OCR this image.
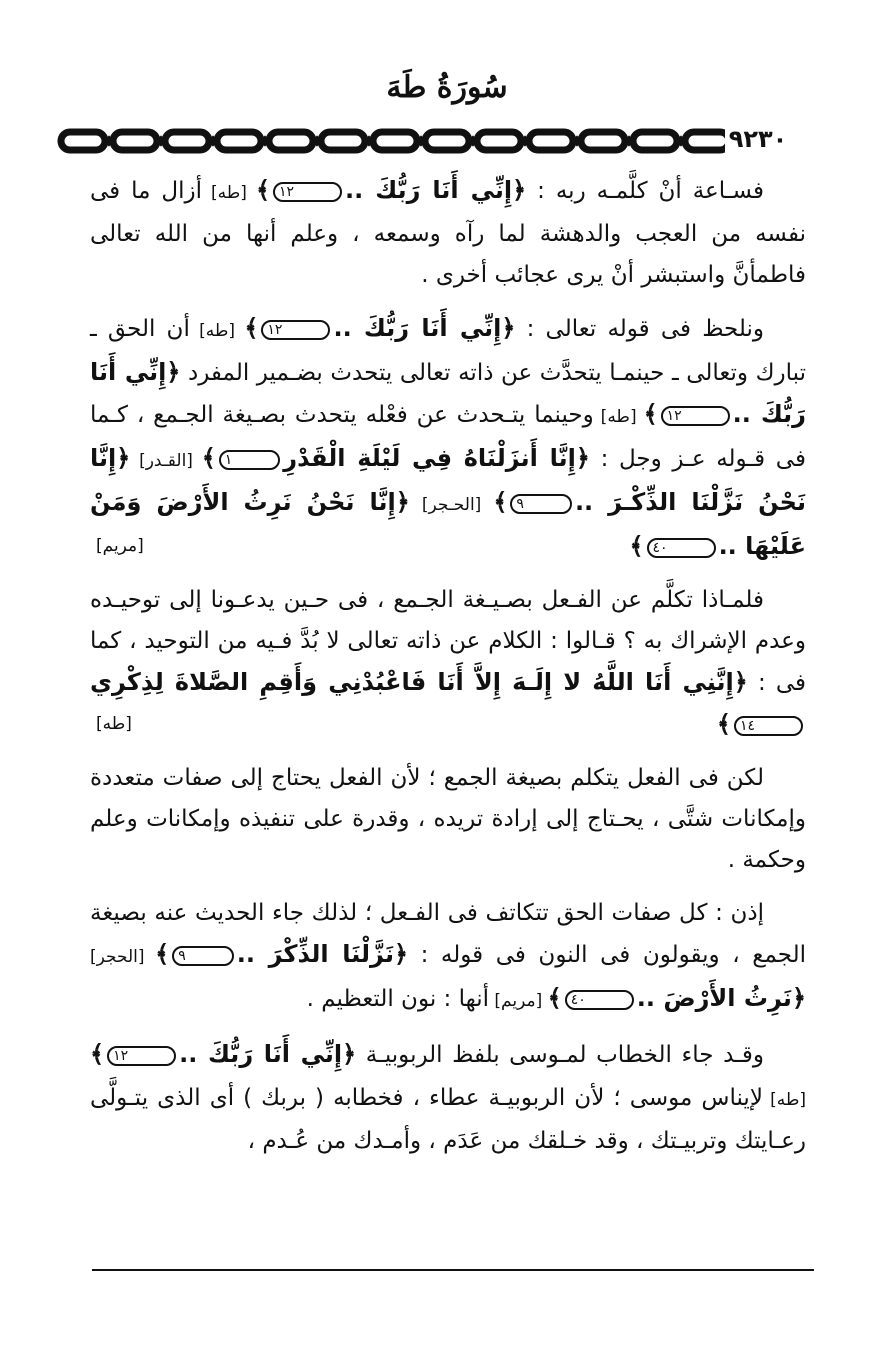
سُورَةُ طَهَ
٩٢٣٠

فسـاعة أنْ كلَّمـه ربه : ﴿إِنِّي أَنَا رَبُّكَ ..١٢﴾ [طه] أزال ما فى نفسه من العجب والدهشة لما رآه وسمعه ، وعلم أنها من الله تعالى فاطمأنَّ واستبشر أنْ يرى عجائب أخرى .

ونلحظ فى قوله تعالى : ﴿إِنِّي أَنَا رَبُّكَ ..١٢﴾ [طه] أن الحق ـ تبارك وتعالى ـ حينمـا يتحدَّث عن ذاته تعالى يتحدث بضـمير المفرد ﴿إِنِّي أَنَا رَبُّكَ ..١٢﴾ [طه] وحينما يتـحدث عن فعْله يتحدث بصـيغة الجـمع ، كـما فى قـوله عـز وجل : ﴿إِنَّا أَنزَلْنَاهُ فِي لَيْلَةِ الْقَدْرِ١﴾ [القـدر] ﴿إِنَّا نَحْنُ نَزَّلْنَا الذِّكْـرَ ..٩﴾ [الحـجر] ﴿إِنَّا نَحْنُ نَرِثُ الأَرْضَ وَمَنْ عَلَيْهَا ..٤٠﴾
[مريم]

فلمـاذا تكلَّم عن الفـعل بصـيـغة الجـمع ، فى حـين يدعـونا إلى توحيـده وعدم الإشراك به ؟ قـالوا : الكلام عن ذاته تعالى لا بُدَّ فـيه من التوحيد ، كما فى : ﴿إِنَّنِي أَنَا اللَّهُ لا إِلَـهَ إِلاَّ أَنَا فَاعْبُدْنِي وَأَقِمِ الصَّلاةَ لِذِكْرِي١٤﴾
[طه]

لكن فى الفعل يتكلم بصيغة الجمع ؛ لأن الفعل يحتاج إلى صفات متعددة وإمكانات شتَّى ، يحـتاج إلى إرادة تريده ، وقدرة على تنفيذه وإمكانات وعلم وحكمة .

إذن : كل صفات الحق تتكاتف فى الفـعل ؛ لذلك جاء الحديث عنه بصيغة الجمع ، ويقولون فى النون فى قوله : ﴿نَزَّلْنَا الذِّكْرَ ..٩﴾ [الحجر] ﴿نَرِثُ الأَرْضَ ..٤٠﴾ [مريم] أنها : نون التعظيم .

وقـد جاء الخطاب لمـوسى بلفظ الربوبيـة ﴿إِنِّي أَنَا رَبُّكَ ..١٢﴾ [طه] لإيناس موسى ؛ لأن الربوبيـة عطاء ، فخطابه ( بربك ) أى الذى يتـولَّى رعـايتك وتربيـتك ، وقد خـلقك من عَدَم ، وأمـدك من عُـدم ،
